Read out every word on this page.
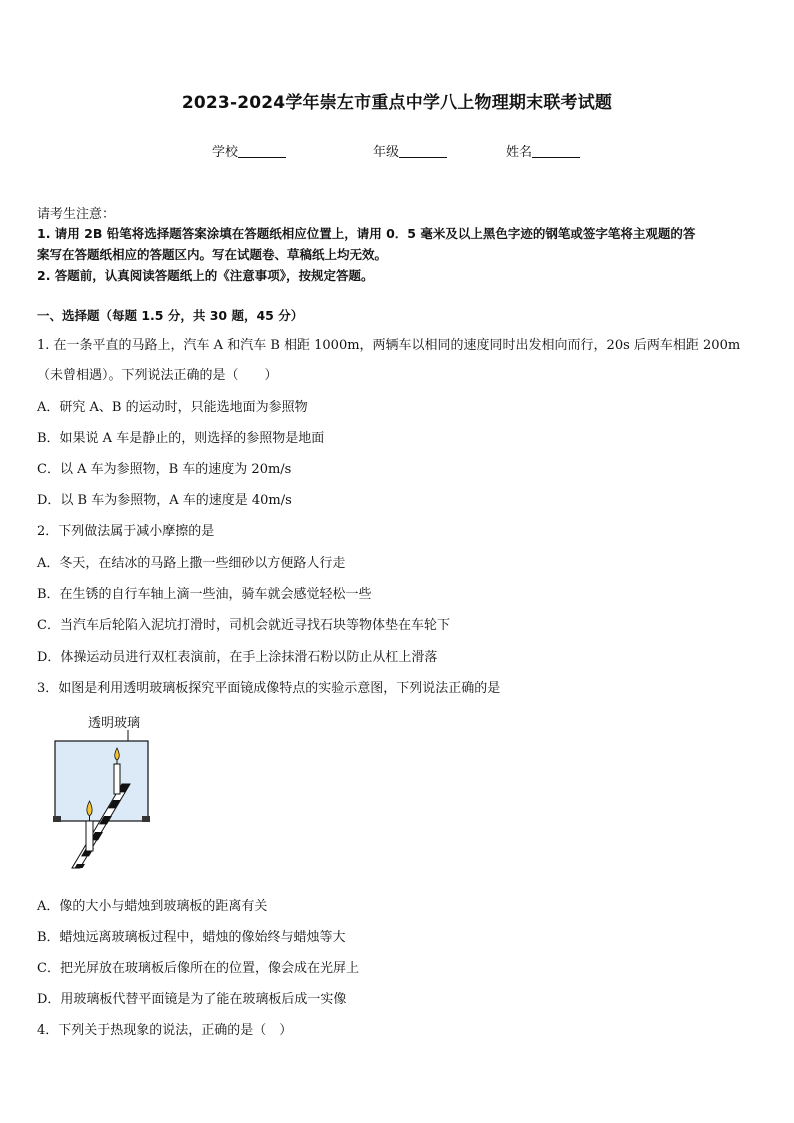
2023-2024学年崇左市重点中学八上物理期末联考试题
学校	年级	姓名
请考生注意：
1. 请用 2B 铅笔将选择题答案涂填在答题纸相应位置上，请用 0．5 毫米及以上黑色字迹的钢笔或签字笔将主观题的答
案写在答题纸相应的答题区内。写在试题卷、草稿纸上均无效。
2. 答题前，认真阅读答题纸上的《注意事项》，按规定答题。
一、选择题（每题 1.5 分，共 30 题，45 分）
1. 在一条平直的马路上，汽车 A 和汽车 B 相距 1000m，两辆车以相同的速度同时出发相向而行，20s 后两车相距 200m
（未曾相遇）。下列说法正确的是（　　）
A．研究 A、B 的运动时，只能选地面为参照物
B．如果说 A 车是静止的，则选择的参照物是地面
C．以 A 车为参照物，B 车的速度为 20m/s
D．以 B 车为参照物，A 车的速度是 40m/s
2．下列做法属于减小摩擦的是
A．冬天，在结冰的马路上撒一些细砂以方便路人行走
B．在生锈的自行车轴上滴一些油，骑车就会感觉轻松一些
C．当汽车后轮陷入泥坑打滑时，司机会就近寻找石块等物体垫在车轮下
D．体操运动员进行双杠表演前，在手上涂抹滑石粉以防止从杠上滑落
3．如图是利用透明玻璃板探究平面镜成像特点的实验示意图，下列说法正确的是
透明玻璃
A．像的大小与蜡烛到玻璃板的距离有关
B．蜡烛远离玻璃板过程中，蜡烛的像始终与蜡烛等大
C．把光屏放在玻璃板后像所在的位置，像会成在光屏上
D．用玻璃板代替平面镜是为了能在玻璃板后成一实像
4．下列关于热现象的说法，正确的是（　）
